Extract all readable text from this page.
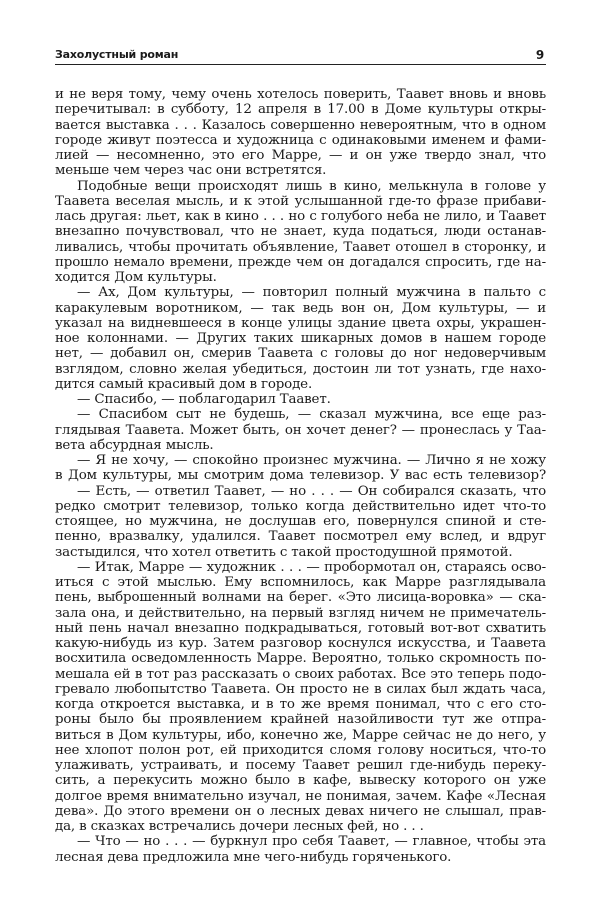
Захолустный роман	9
и не веря тому, чему очень хотелось поверить, Таавет вновь и вновь
перечитывал: в субботу, 12 апреля в 17.00 в Доме культуры откры-
вается выставка . . . Казалось совершенно невероятным, что в одном
городе живут поэтесса и художница с одинаковыми именем и фами-
лией — несомненно, это его Марре, — и он уже твердо знал, что
меньше чем через час они встретятся.
Подобные вещи происходят лишь в кино, мелькнула в голове у
Таавета веселая мысль, и к этой услышанной где-то фразе прибави-
лась другая: льет, как в кино . . . но с голубого неба не лило, и Таавет
внезапно почувствовал, что не знает, куда податься, люди останав-
ливались, чтобы прочитать объявление, Таавет отошел в сторонку, и
прошло немало времени, прежде чем он догадался спросить, где на-
ходится Дом культуры.
— Ах, Дом культуры, — повторил полный мужчина в пальто с
каракулевым воротником, — так ведь вон он, Дом культуры, — и
указал на видневшееся в конце улицы здание цвета охры, украшен-
ное колоннами. — Других таких шикарных домов в нашем городе
нет, — добавил он, смерив Таавета с головы до ног недоверчивым
взглядом, словно желая убедиться, достоин ли тот узнать, где нахо-
дится самый красивый дом в городе.
— Спасибо, — поблагодарил Таавет.
— Спасибом сыт не будешь, — сказал мужчина, все еще раз-
глядывая Таавета. Может быть, он хочет денег? — пронеслась у Таа-
вета абсурдная мысль.
— Я не хочу, — спокойно произнес мужчина. — Лично я не хожу
в Дом культуры, мы смотрим дома телевизор. У вас есть телевизор?
— Есть, — ответил Таавет, — но . . . — Он собирался сказать, что
редко смотрит телевизор, только когда действительно идет что-то
стоящее, но мужчина, не дослушав его, повернулся спиной и сте-
пенно, вразвалку, удалился. Таавет посмотрел ему вслед, и вдруг
застыдился, что хотел ответить с такой простодушной прямотой.
— Итак, Марре — художник . . . — пробормотал он, стараясь осво-
иться с этой мыслью. Ему вспомнилось, как Марре разглядывала
пень, выброшенный волнами на берег. «Это лисица-воровка» — ска-
зала она, и действительно, на первый взгляд ничем не примечатель-
ный пень начал внезапно подкрадываться, готовый вот-вот схватить
какую-нибудь из кур. Затем разговор коснулся искусства, и Таавета
восхитила осведомленность Марре. Вероятно, только скромность по-
мешала ей в тот раз рассказать о своих работах. Все это теперь подо-
гревало любопытство Таавета. Он просто не в силах был ждать часа,
когда откроется выставка, и в то же время понимал, что с его сто-
роны было бы проявлением крайней назойливости тут же отпра-
виться в Дом культуры, ибо, конечно же, Марре сейчас не до него, у
нее хлопот полон рот, ей приходится сломя голову носиться, что-то
улаживать, устраивать, и посему Таавет решил где-нибудь переку-
сить, а перекусить можно было в кафе, вывеску которого он уже
долгое время внимательно изучал, не понимая, зачем. Кафе «Лесная
дева». До этого времени он о лесных девах ничего не слышал, прав-
да, в сказках встречались дочери лесных фей, но . . .
— Что — но . . . — буркнул про себя Таавет, — главное, чтобы эта
лесная дева предложила мне чего-нибудь горяченького.
